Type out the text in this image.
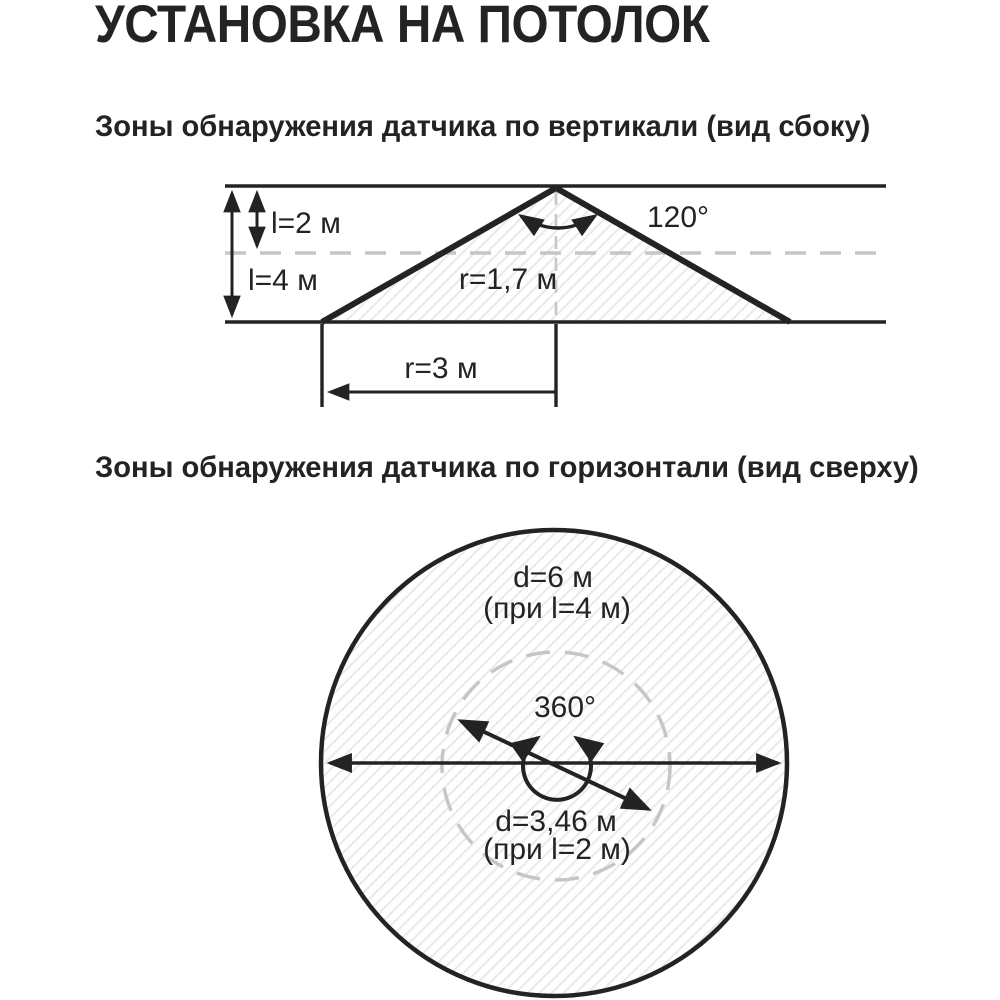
УСТАНОВКА НА ПОТОЛОК
Зоны обнаружения датчика по вертикали (вид сбоку)
Зоны обнаружения датчика по горизонтали (вид сверху)
l=2 м
l=4 м
120°
r=1,7 м
r=3 м
d=6 м
(при l=4 м)
360°
d=3,46 м
(при l=2 м)
